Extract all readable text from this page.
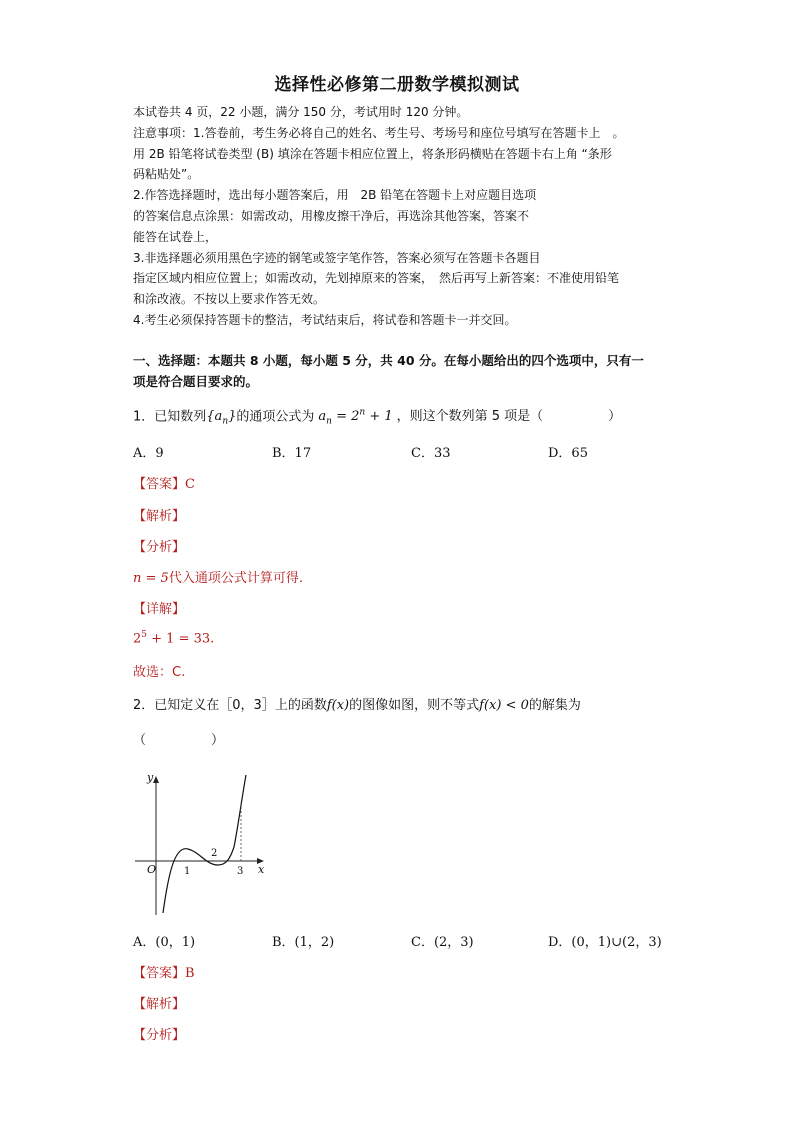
选择性必修第二册数学模拟测试
本试卷共 4 页，22 小题，满分 150 分，考试用时 120 分钟。
注意事项：1.答卷前，考生务必将自己的姓名、考生号、考场号和座位号填写在答题卡上　。
用 2B 铅笔将试卷类型 (B) 填涂在答题卡相应位置上，将条形码横贴在答题卡右上角 “条形
码粘贴处”。
2.作答选择题时，选出每小题答案后，用　2B 铅笔在答题卡上对应题目选项
的答案信息点涂黑：如需改动，用橡皮擦干净后，再选涂其他答案，答案不
能答在试卷上，
3.非选择题必须用黑色字迹的钢笔或签字笔作答，答案必须写在答题卡各题目
指定区域内相应位置上；如需改动，先划掉原来的答案，　然后再写上新答案：不准使用铅笔
和涂改液。不按以上要求作答无效。
4.考生必须保持答题卡的整洁，考试结束后，将试卷和答题卡一并交回。
一、选择题：本题共 8 小题，每小题 5 分，共 40 分。在每小题给出的四个选项中，只有一
项是符合题目要求的。
1．已知数列$\{a_n\}$的通项公式为 $a_n = 2^n + 1$ ，则这个数列第 5 项是（　　　　　）
A．9	B．17	C．33	D．65
【答案】C
【解析】
【分析】
n = 5代入通项公式计算可得.
【详解】
$2^5 + 1 = 33$.
故选：C.
2．已知定义在［0，3］上的函数f(x)的图像如图，则不等式f(x) < 0的解集为
（　　　　　）
y
x
O	1
2
3
A．(0，1)	B．(1，2)	C．(2，3)	D．(0，1)∪(2，3)
【答案】B
【解析】
【分析】
